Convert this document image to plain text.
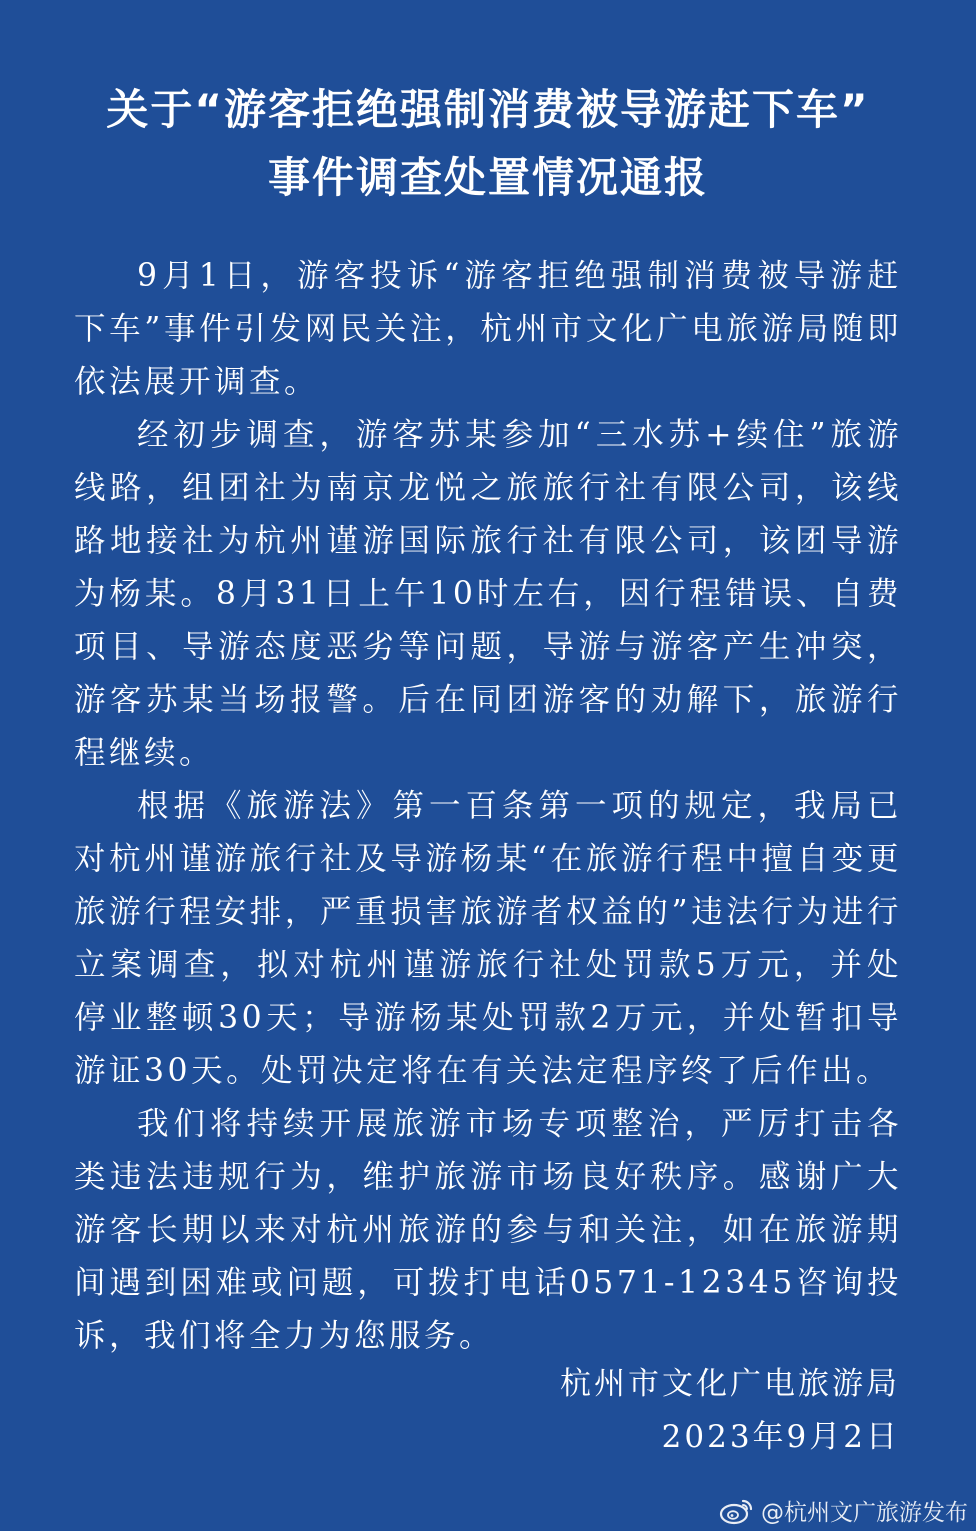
关于“游客拒绝强制消费被导游赶下车”
事件调查处置情况通报

9月1日，游客投诉“游客拒绝强制消费被导游赶下车”事件引发网民关注，杭州市文化广电旅游局随即依法展开调查。

经初步调查，游客苏某参加“三水苏+续住”旅游线路，组团社为南京龙悦之旅旅行社有限公司，该线路地接社为杭州谨游国际旅行社有限公司，该团导游为杨某。8月31日上午10时左右，因行程错误、自费项目、导游态度恶劣等问题，导游与游客产生冲突，游客苏某当场报警。后在同团游客的劝解下，旅游行程继续。

根据《旅游法》第一百条第一项的规定，我局已对杭州谨游旅行社及导游杨某“在旅游行程中擅自变更旅游行程安排，严重损害旅游者权益的”违法行为进行立案调查，拟对杭州谨游旅行社处罚款5万元，并处停业整顿30天；导游杨某处罚款2万元，并处暂扣导游证30天。处罚决定将在有关法定程序终了后作出。

我们将持续开展旅游市场专项整治，严厉打击各类违法违规行为，维护旅游市场良好秩序。感谢广大游客长期以来对杭州旅游的参与和关注，如在旅游期间遇到困难或问题，可拨打电话0571-12345咨询投诉，我们将全力为您服务。

杭州市文化广电旅游局
2023年9月2日
@杭州文广旅游发布
